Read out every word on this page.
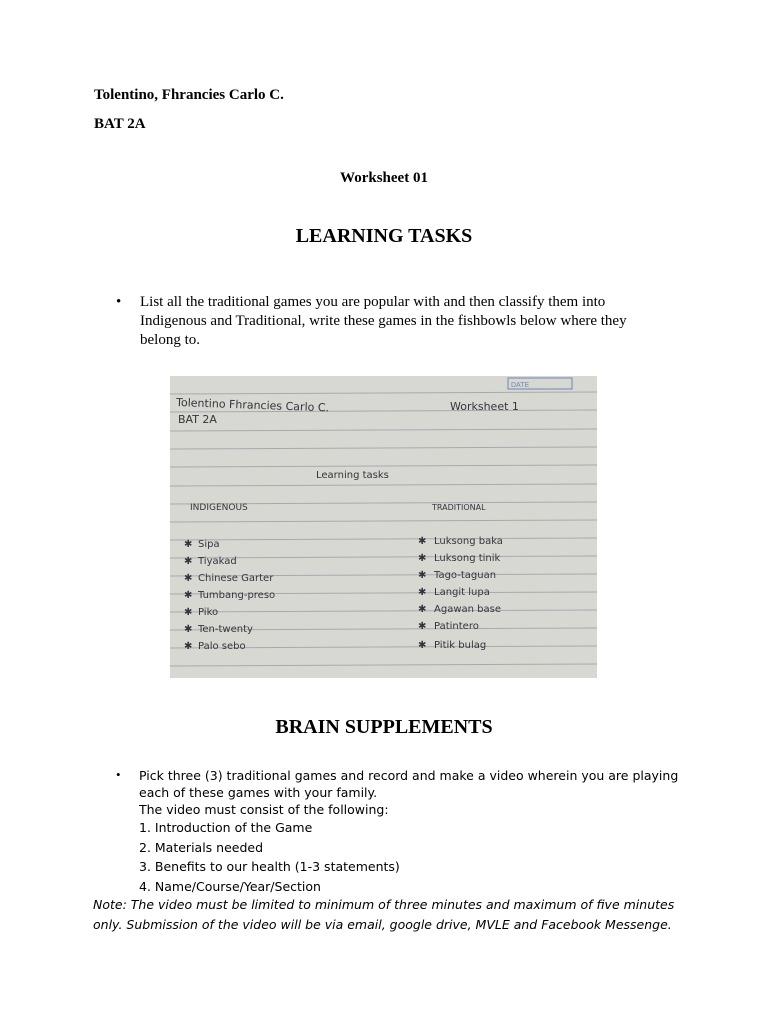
Tolentino, Fhrancies Carlo C.
BAT 2A
Worksheet 01
LEARNING TASKS
• List all the traditional games you are popular with and then classify them into Indigenous and Traditional, write these games in the fishbowls below where they belong to.
DATE
Tolentino Fhrancies Carlo C.
BAT 2A
Worksheet 1
Learning tasks
INDIGENOUS	TRADITIONAL
✱ Sipa
✱ Tiyakad
✱ Chinese Garter
✱ Tumbang-preso
✱ Piko
✱ Ten-twenty
✱ Palo sebo
✱ Luksong baka
✱ Luksong tinik
✱ Tago-taguan
✱ Langit lupa
✱ Agawan base
✱ Patintero
✱ Pitik bulag
BRAIN SUPPLEMENTS
• Pick three (3) traditional games and record and make a video wherein you are playing
each of these games with your family.
The video must consist of the following:
1. Introduction of the Game
2. Materials needed
3. Benefits to our health (1-3 statements)
4. Name/Course/Year/Section
Note: The video must be limited to minimum of three minutes and maximum of five minutes only. Submission of the video will be via email, google drive, MVLE and Facebook Messenge.
